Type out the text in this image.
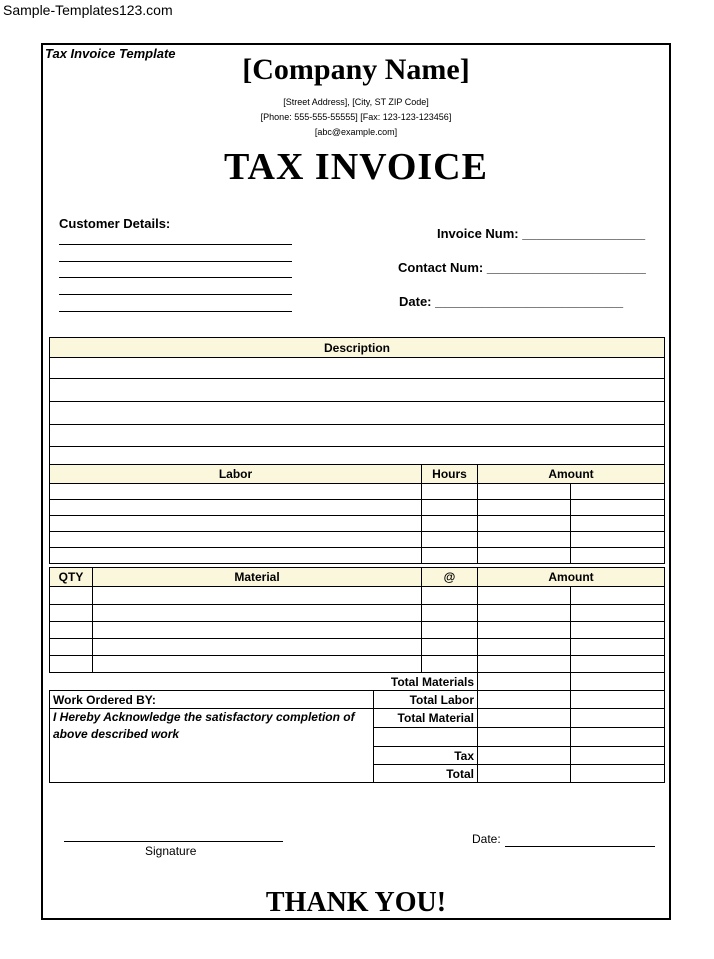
Sample-Templates123.com
Tax Invoice Template	[Company Name]
[Street Address], [City, ST ZIP Code]
[Phone: 555-555-55555] [Fax: 123-123-123456]
[abc@example.com]
TAX INVOICE
Customer Details:
Invoice Num: _________________
Contact Num: ______________________
Date: __________________________
Description

Labor	Hours	Amount	

QTY	Material		@	Amount	

Total Materials					
Work Ordered BY:		Total Labor			
I Hereby Acknowledge the satisfactory completion of above described work		Total Material			

		Tax			
		Total			
Signature
Date:
THANK YOU!
